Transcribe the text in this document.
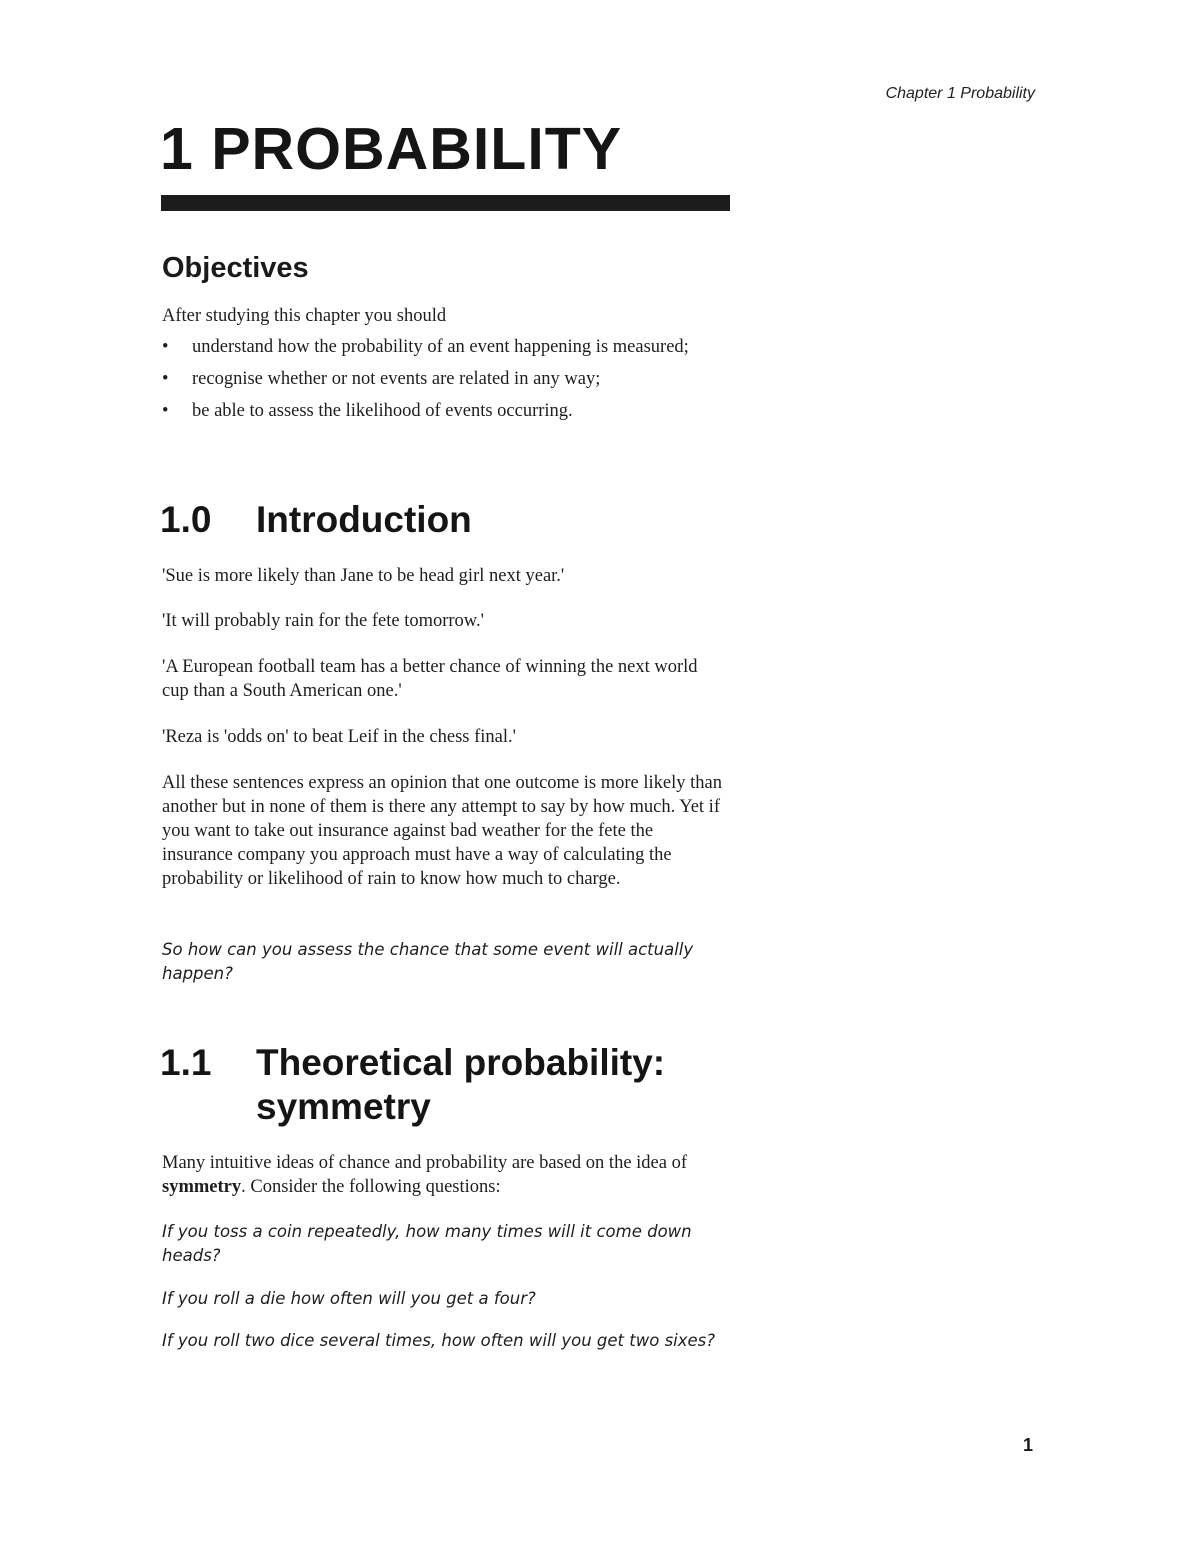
Chapter 1 Probability
1 PROBABILITY
Objectives
After studying this chapter you should
• understand how the probability of an event happening is measured;
• recognise whether or not events are related in any way;
• be able to assess the likelihood of events occurring.
1.0	Introduction

'Sue is more likely than Jane to be head girl next year.'

'It will probably rain for the fete tomorrow.'

'A European football team has a better chance of winning the next world cup than a South American one.'

'Reza is 'odds on' to beat Leif in the chess final.'

All these sentences express an opinion that one outcome is more likely than another but in none of them is there any attempt to say by how much. Yet if you want to take out insurance against bad weather for the fete the insurance company you approach must have a way of calculating the probability or likelihood of rain to know how much to charge.

So how can you assess the chance that some event will actually happen?

1.1	Theoretical probability: symmetry

Many intuitive ideas of chance and probability are based on the idea of symmetry. Consider the following questions:

If you toss a coin repeatedly, how many times will it come down heads?

If you roll a die how often will you get a four?

If you roll two dice several times, how often will you get two sixes?

1
